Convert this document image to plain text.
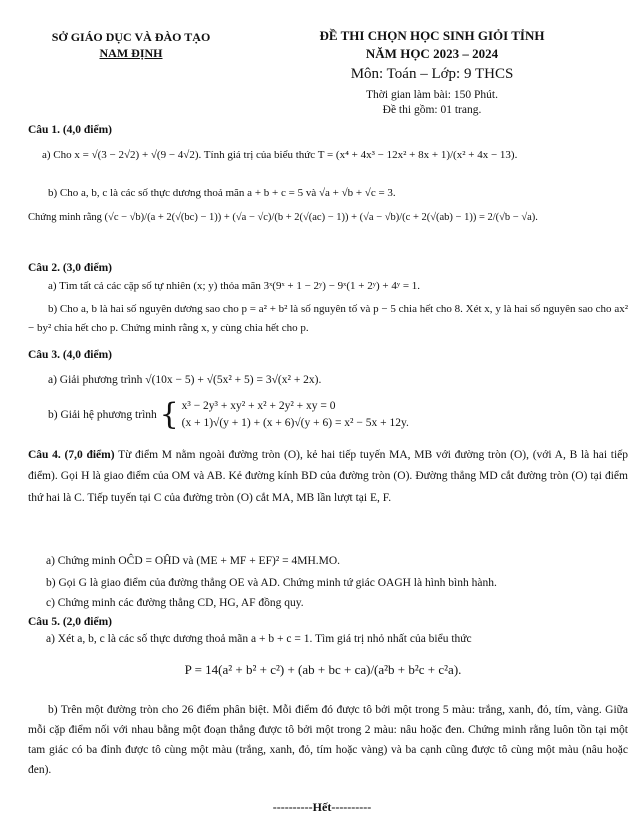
SỞ GIÁO DỤC VÀ ĐÀO TẠO
NAM ĐỊNH
ĐỀ THI CHỌN HỌC SINH GIỎI TỈNH
NĂM HỌC 2023 – 2024
Môn: Toán – Lớp: 9 THCS
Thời gian làm bài: 150 Phút.
Đề thi gồm: 01 trang.
Câu 1. (4,0 điểm)
a) Cho x = √(3 − 2√2) + √(9 − 4√2). Tính giá trị của biểu thức T = (x⁴ + 4x³ − 12x² + 8x + 1)/(x² + 4x − 13).
b) Cho a, b, c là các số thực dương thoả mãn a + b + c = 5 và √a + √b + √c = 3.
Chứng minh rằng (√c − √b)/(a + 2(√(bc) − 1)) + (√a − √c)/(b + 2(√(ac) − 1)) + (√a − √b)/(c + 2(√(ab) − 1)) = 2/(√b − √a).
Câu 2. (3,0 điểm)
a) Tìm tất cả các cặp số tự nhiên (x; y) thỏa mãn 3ˣ(9ˣ + 1 − 2ʸ) − 9ˣ(1 + 2ʸ) + 4ʸ = 1.
b) Cho a, b là hai số nguyên dương sao cho p = a² + b² là số nguyên tố và p − 5 chia hết cho 8. Xét x, y là hai số nguyên sao cho ax² − by² chia hết cho p. Chứng minh rằng x, y cùng chia hết cho p.
Câu 3. (4,0 điểm)
a) Giải phương trình √(10x − 5) + √(5x² + 5) = 3√(x² + 2x).
b) Giải hệ phương trình { x³ − 2y³ + xy² + x² + 2y² + xy = 0
(x + 1)√(y + 1) + (x + 6)√(y + 6) = x² − 5x + 12y.
Câu 4. (7,0 điểm) Từ điểm M nằm ngoài đường tròn (O), kẻ hai tiếp tuyến MA, MB với đường tròn (O), (với A, B là hai tiếp điểm). Gọi H là giao điểm của OM và AB. Kẻ đường kính BD của đường tròn (O). Đường thẳng MD cắt đường tròn (O) tại điểm thứ hai là C. Tiếp tuyến tại C của đường tròn (O) cắt MA, MB lần lượt tại E, F.
a) Chứng minh OĈD = OĤD và (ME + MF + EF)² = 4MH.MO.
b) Gọi G là giao điểm của đường thẳng OE và AD. Chứng minh tứ giác OAGH là hình bình hành.
c) Chứng minh các đường thẳng CD, HG, AF đồng quy.
Câu 5. (2,0 điểm)
a) Xét a, b, c là các số thực dương thoả mãn a + b + c = 1. Tìm giá trị nhỏ nhất của biểu thức
P = 14(a² + b² + c²) + (ab + bc + ca)/(a²b + b²c + c²a).
b) Trên một đường tròn cho 26 điểm phân biệt. Mỗi điểm đó được tô bởi một trong 5 màu: trắng, xanh, đỏ, tím, vàng. Giữa mỗi cặp điểm nối với nhau bằng một đoạn thẳng được tô bởi một trong 2 màu: nâu hoặc đen. Chứng minh rằng luôn tồn tại một tam giác có ba đỉnh được tô cùng một màu (trắng, xanh, đỏ, tím hoặc vàng) và ba cạnh cũng được tô cùng một màu (nâu hoặc đen).
----------Hết----------
